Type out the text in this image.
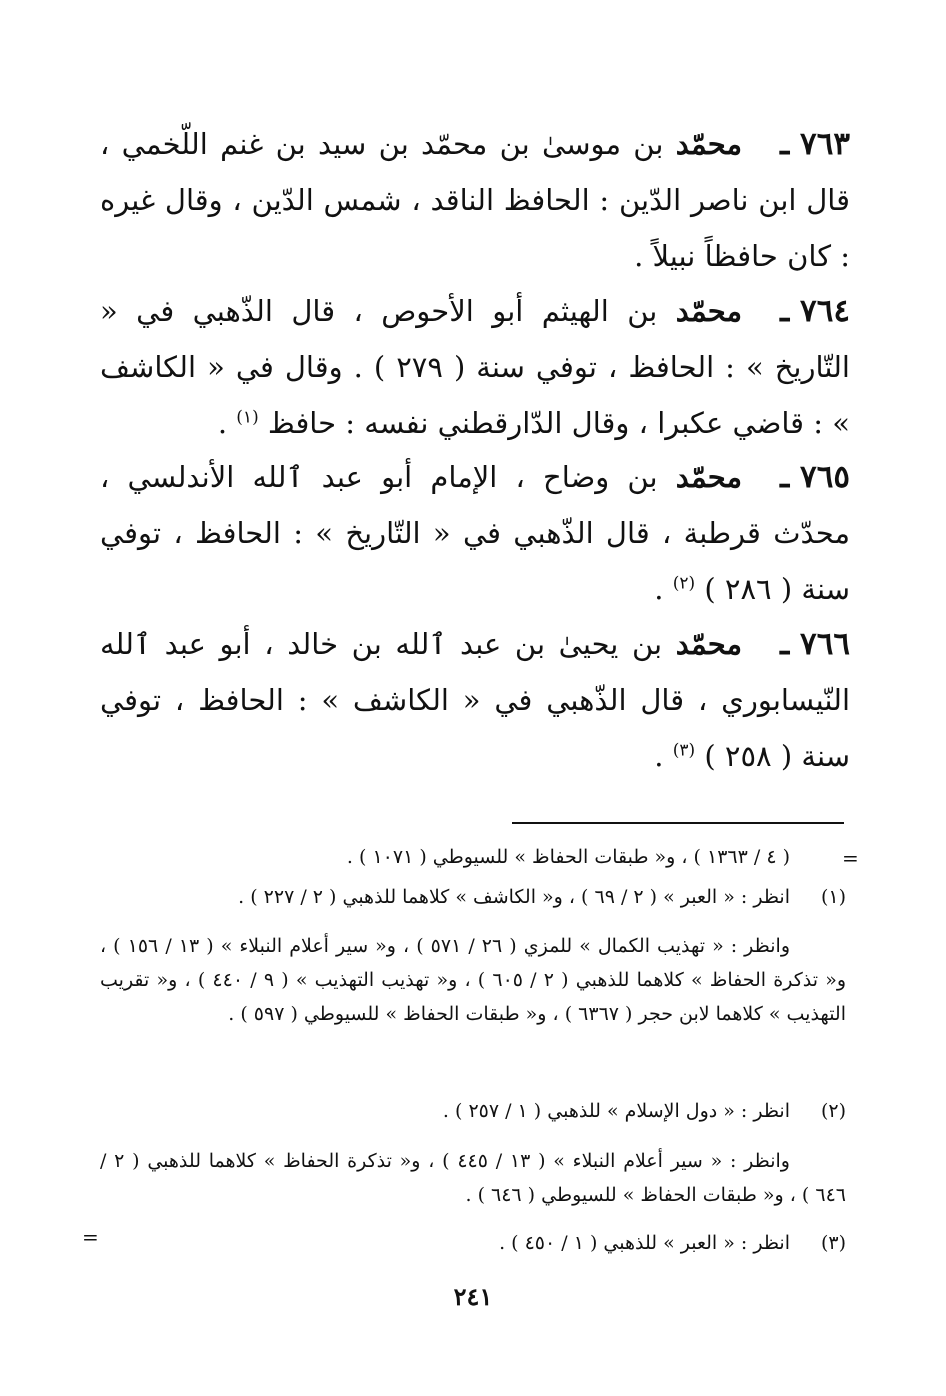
٧٦٣ ـ
محمّد بن موسىٰ بن محمّد بن سيد بن غنم اللّخمي ، قال ابن ناصر الدّين : الحافظ الناقد ، شمس الدّين ، وقال غيره : كان حافظاً نبيلاً .
٧٦٤ ـ
محمّد بن الهيثم أبو الأحوص ، قال الذّهبي في « التّاريخ » : الحافظ ، توفي سنة ( ٢٧٩ ) . وقال في « الكاشف » : قاضي عكبرا ، وقال الدّارقطني نفسه : حافظ $^{(١)}$ .
٧٦٥ ـ
محمّد بن وضاح ، الإمام أبو عبد ٱلله الأندلسي ، محدّث قرطبة ، قال الذّهبي في « التّاريخ » : الحافظ ، توفي سنة ( ٢٨٦ ) $^{(٢)}$ .
٧٦٦ ـ
محمّد بن يحيىٰ بن عبد ٱلله بن خالد ، أبو عبد ٱلله النّيسابوري ، قال الذّهبي في « الكاشف » : الحافظ ، توفي سنة ( ٢٥٨ ) $^{(٣)}$ .
=
( ٤ / ١٣٦٣ ) ، و« طبقات الحفاظ » للسيوطي ( ١٠٧١ ) .
(١)
انظر : « العبر » ( ٢ / ٦٩ ) ، و« الكاشف » كلاهما للذهبي ( ٢ / ٢٢٧ ) .
وانظر : « تهذيب الكمال » للمزي ( ٢٦ / ٥٧١ ) ، و« سير أعلام النبلاء » ( ١٣ / ١٥٦ ) ، و« تذكرة الحفاظ » كلاهما للذهبي ( ٢ / ٦٠٥ ) ، و« تهذيب التهذيب » ( ٩ / ٤٤٠ ) ، و« تقريب التهذيب » كلاهما لابن حجر ( ٦٣٦٧ ) ، و« طبقات الحفاظ » للسيوطي ( ٥٩٧ ) .
(٢)
انظر : « دول الإسلام » للذهبي ( ١ / ٢٥٧ ) .
وانظر : « سير أعلام النبلاء » ( ١٣ / ٤٤٥ ) ، و« تذكرة الحفاظ » كلاهما للذهبي ( ٢ / ٦٤٦ ) ، و« طبقات الحفاظ » للسيوطي ( ٦٤٦ ) .
(٣)
انظر : « العبر » للذهبي ( ١ / ٤٥٠ ) .
=
٢٤١
